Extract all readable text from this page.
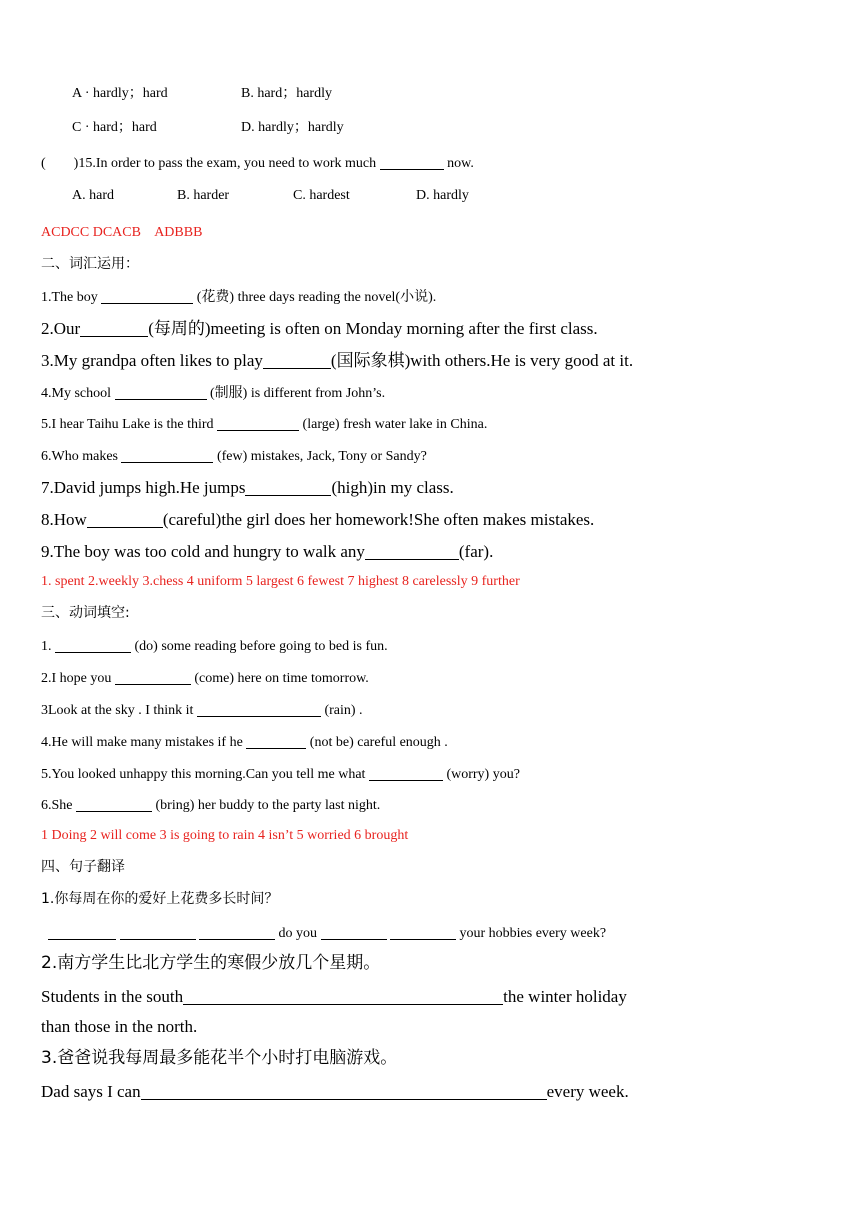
A · hardly；hard	B. hard；hardly
C · hard；hard	D. hardly；hardly
(        )15.In order to pass the exam, you need to work much	now.
A. hard	B. harder	C. hardest	D. hardly
ACDCC DCACB    ADBBB
二、词汇运用：
1.The boy	(花费) three days reading the novel(小说).
2.Our	(每周的)meeting is often on Monday morning after the first class.
3.My grandpa often likes to play	(国际象棋)with others.He is very good at it.
4.My school	(制服) is different from John’s.
5.I hear Taihu Lake is the third	(large) fresh water lake in China.
6.Who makes	(few) mistakes, Jack, Tony or Sandy?
7.David jumps high.He jumps	(high)in my class.
8.How	(careful)the girl does her homework!She often makes mistakes.
9.The boy was too cold and hungry to walk any	(far).
1. spent 2.weekly 3.chess 4 uniform 5 largest 6 fewest 7 highest 8 carelessly 9 further
三、动词填空:
1.	(do) some reading before going to bed is fun.
2.I hope you	(come) here on time tomorrow.
3Look at the sky . I think it	(rain) .
4.He will make many mistakes if he	(not be) careful enough .
5.You looked unhappy this morning.Can you tell me what	(worry) you?
6.She	(bring) her buddy to the party last night.
1 Doing 2 will come 3 is going to rain 4 isn’t 5 worried 6 brought
四、句子翻译
1.你每周在你的爱好上花费多长时间？
do you	your hobbies every week?
2.南方学生比北方学生的寒假少放几个星期。
Students in the south	the winter holiday
than those in the north.
3.爸爸说我每周最多能花半个小时打电脑游戏。
Dad says I can	every week.
